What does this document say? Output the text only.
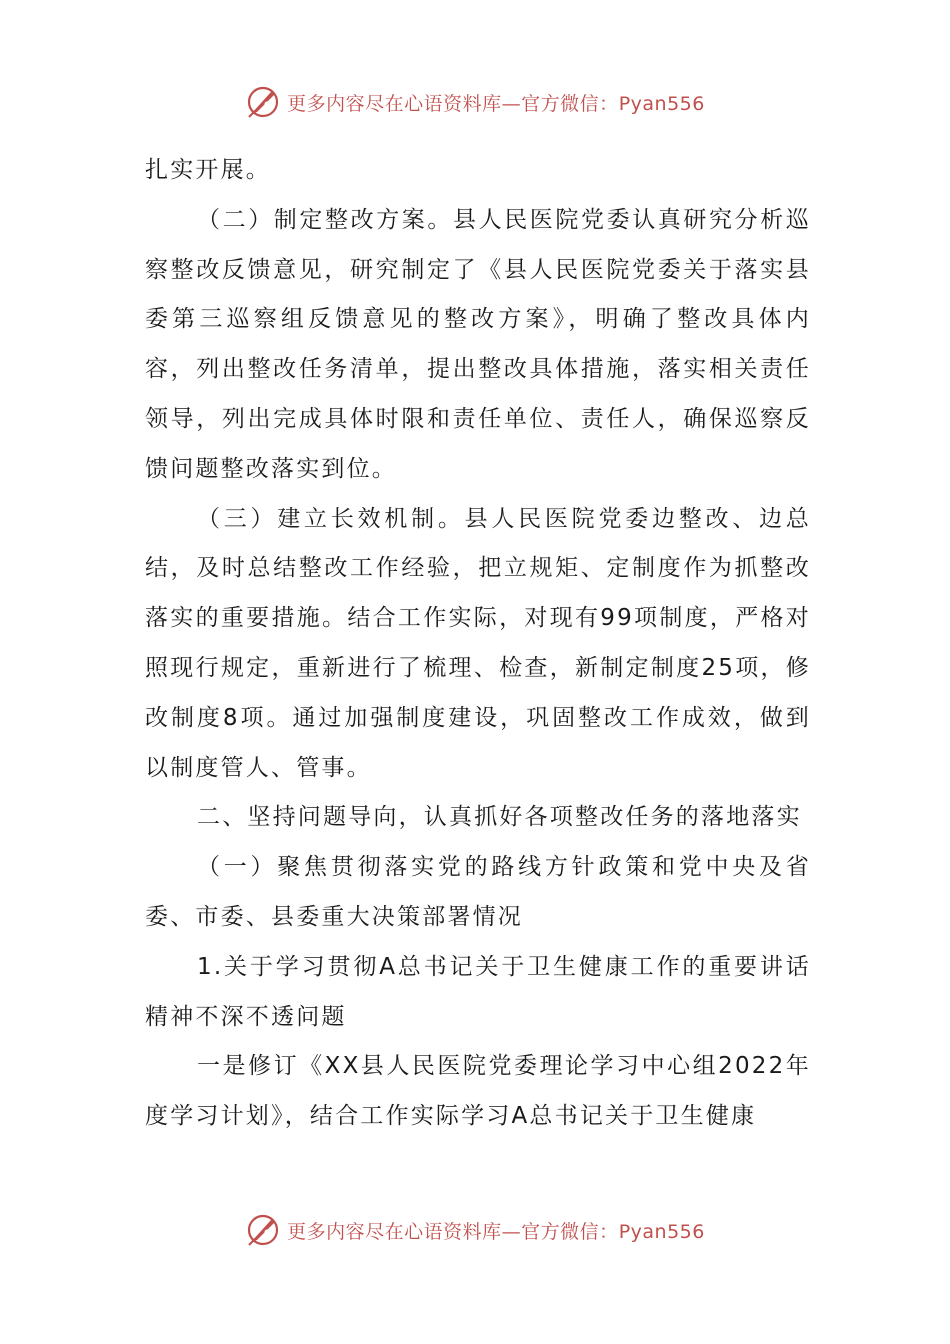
更多内容尽在心语资料库—官方微信：Pyan556

扎实开展。

（二）制定整改方案。县人民医院党委认真研究分析巡察整改反馈意见，研究制定了《县人民医院党委关于落实县委第三巡察组反馈意见的整改方案》，明确了整改具体内容，列出整改任务清单，提出整改具体措施，落实相关责任领导，列出完成具体时限和责任单位、责任人，确保巡察反馈问题整改落实到位。

（三）建立长效机制。县人民医院党委边整改、边总结，及时总结整改工作经验，把立规矩、定制度作为抓整改落实的重要措施。结合工作实际，对现有99项制度，严格对照现行规定，重新进行了梳理、检查，新制定制度25项，修改制度8项。通过加强制度建设，巩固整改工作成效，做到以制度管人、管事。

二、坚持问题导向，认真抓好各项整改任务的落地落实

（一）聚焦贯彻落实党的路线方针政策和党中央及省委、市委、县委重大决策部署情况

1.关于学习贯彻A总书记关于卫生健康工作的重要讲话精神不深不透问题

一是修订《XX县人民医院党委理论学习中心组2022年度学习计划》，结合工作实际学习A总书记关于卫生健康

更多内容尽在心语资料库—官方微信：Pyan556
